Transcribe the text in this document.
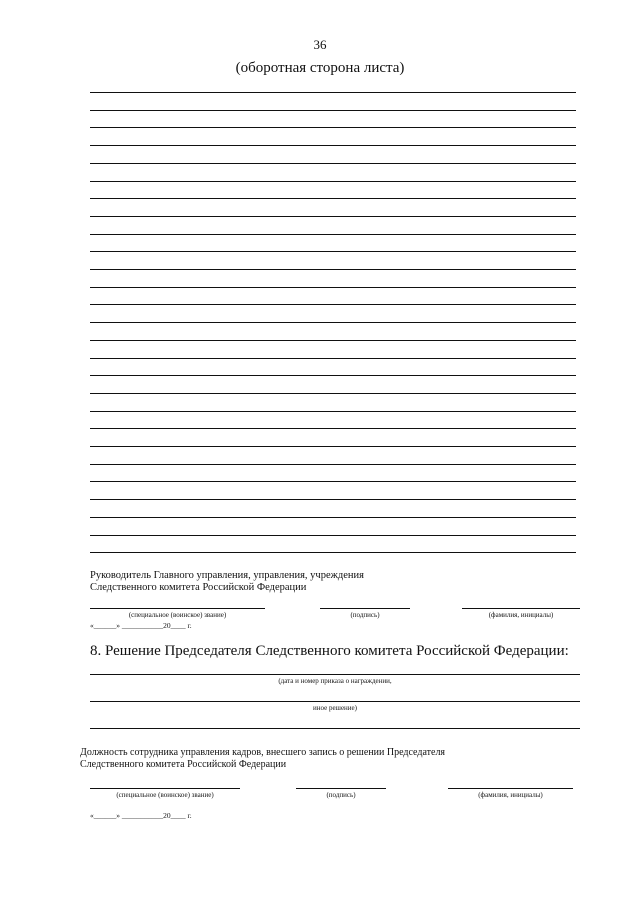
36
(оборотная сторона листа)
Руководитель Главного управления, управления, учреждения
Следственного комитета Российской Федерации
(специальное (воинское) звание)	(подпись)	(фамилия, инициалы)
«______» ___________20____ г.
8. Решение Председателя Следственного комитета Российской Федерации:
(дата и номер приказа о награждении,
иное решение)
Должность сотрудника управления кадров, внесшего запись о решении Председателя
Следственного комитета Российской Федерации
(специальное (воинское) звание)	(подпись)	(фамилия, инициалы)
«______» ___________20____ г.
